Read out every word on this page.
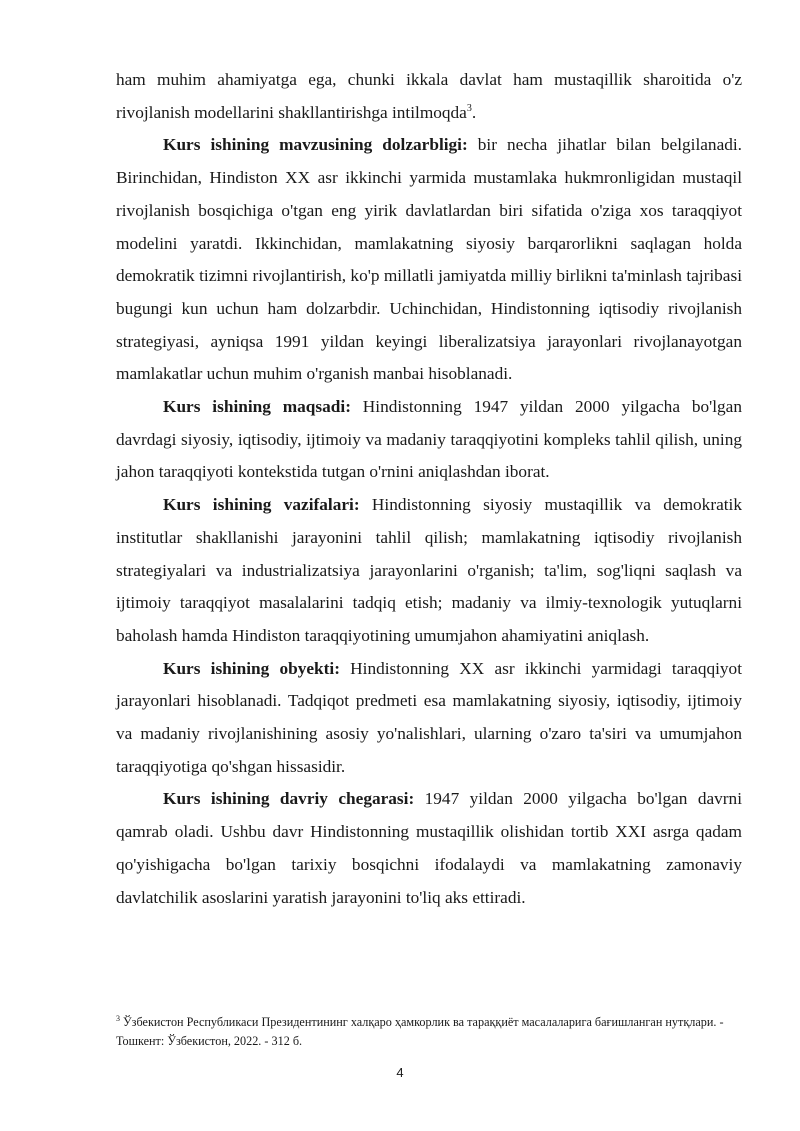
ham muhim ahamiyatga ega, chunki ikkala davlat ham mustaqillik sharoitida o'z rivojlanish modellarini shakllantirishga intilmoqda$^3$.

Kurs ishining mavzusining dolzarbligi: bir necha jihatlar bilan belgilanadi. Birinchidan, Hindiston XX asr ikkinchi yarmida mustamlaka hukmronligidan mustaqil rivojlanish bosqichiga o'tgan eng yirik davlatlardan biri sifatida o'ziga xos taraqqiyot modelini yaratdi. Ikkinchidan, mamlakatning siyosiy barqarorlikni saqlagan holda demokratik tizimni rivojlantirish, ko'p millatli jamiyatda milliy birlikni ta'minlash tajribasi bugungi kun uchun ham dolzarbdir. Uchinchidan, Hindistonning iqtisodiy rivojlanish strategiyasi, ayniqsa 1991 yildan keyingi liberalizatsiya jarayonlari rivojlanayotgan mamlakatlar uchun muhim o'rganish manbai hisoblanadi.

Kurs ishining maqsadi: Hindistonning 1947 yildan 2000 yilgacha bo'lgan davrdagi siyosiy, iqtisodiy, ijtimoiy va madaniy taraqqiyotini kompleks tahlil qilish, uning jahon taraqqiyoti kontekstida tutgan o'rnini aniqlashdan iborat.

Kurs ishining vazifalari: Hindistonning siyosiy mustaqillik va demokratik institutlar shakllanishi jarayonini tahlil qilish; mamlakatning iqtisodiy rivojlanish strategiyalari va industrializatsiya jarayonlarini o'rganish; ta'lim, sog'liqni saqlash va ijtimoiy taraqqiyot masalalarini tadqiq etish; madaniy va ilmiy-texnologik yutuqlarni baholash hamda Hindiston taraqqiyotining umumjahon ahamiyatini aniqlash.

Kurs ishining obyekti: Hindistonning XX asr ikkinchi yarmidagi taraqqiyot jarayonlari hisoblanadi. Tadqiqot predmeti esa mamlakatning siyosiy, iqtisodiy, ijtimoiy va madaniy rivojlanishining asosiy yo'nalishlari, ularning o'zaro ta'siri va umumjahon taraqqiyotiga qo'shgan hissasidir.

Kurs ishining davriy chegarasi: 1947 yildan 2000 yilgacha bo'lgan davrni qamrab oladi. Ushbu davr Hindistonning mustaqillik olishidan tortib XXI asrga qadam qo'yishigacha bo'lgan tarixiy bosqichni ifodalaydi va mamlakatning zamonaviy davlatchilik asoslarini yaratish jarayonini to'liq aks ettiradi.

$^3$ Ўзбекистон Республикаси Президентининг халқаро ҳамкорлик ва тараққиёт масалаларига бағишланган нутқлари. - Тошкент: Ўзбекистон, 2022. - 312 б.

4
